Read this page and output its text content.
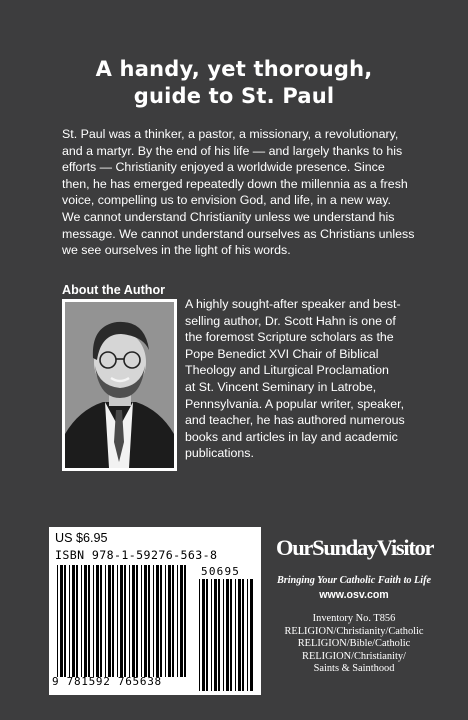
A handy, yet thorough,
guide to St. Paul
St. Paul was a thinker, a pastor, a missionary, a revolutionary,
and a martyr. By the end of his life — and largely thanks to his
efforts — Christianity enjoyed a worldwide presence. Since
then, he has emerged repeatedly down the millennia as a fresh
voice, compelling us to envision God, and life, in a new way.
We cannot understand Christianity unless we understand his
message. We cannot understand ourselves as Christians unless
we see ourselves in the light of his words.
About the Author
A highly sought-after speaker and best-
selling author, Dr. Scott Hahn is one of
the foremost Scripture scholars as the
Pope Benedict XVI Chair of Biblical
Theology and Liturgical Proclamation
at St. Vincent Seminary in Latrobe,
Pennsylvania. A popular writer, speaker,
and teacher, he has authored numerous
books and articles in lay and academic
publications.
US $6.95
ISBN 978-1-59276-563-8
50695
9 781592 765638
OurSundayVisitor
Bringing Your Catholic Faith to Life
www.osv.com
Inventory No. T856
RELIGION/Christianity/Catholic
RELIGION/Bible/Catholic
RELIGION/Christianity/
Saints & Sainthood
